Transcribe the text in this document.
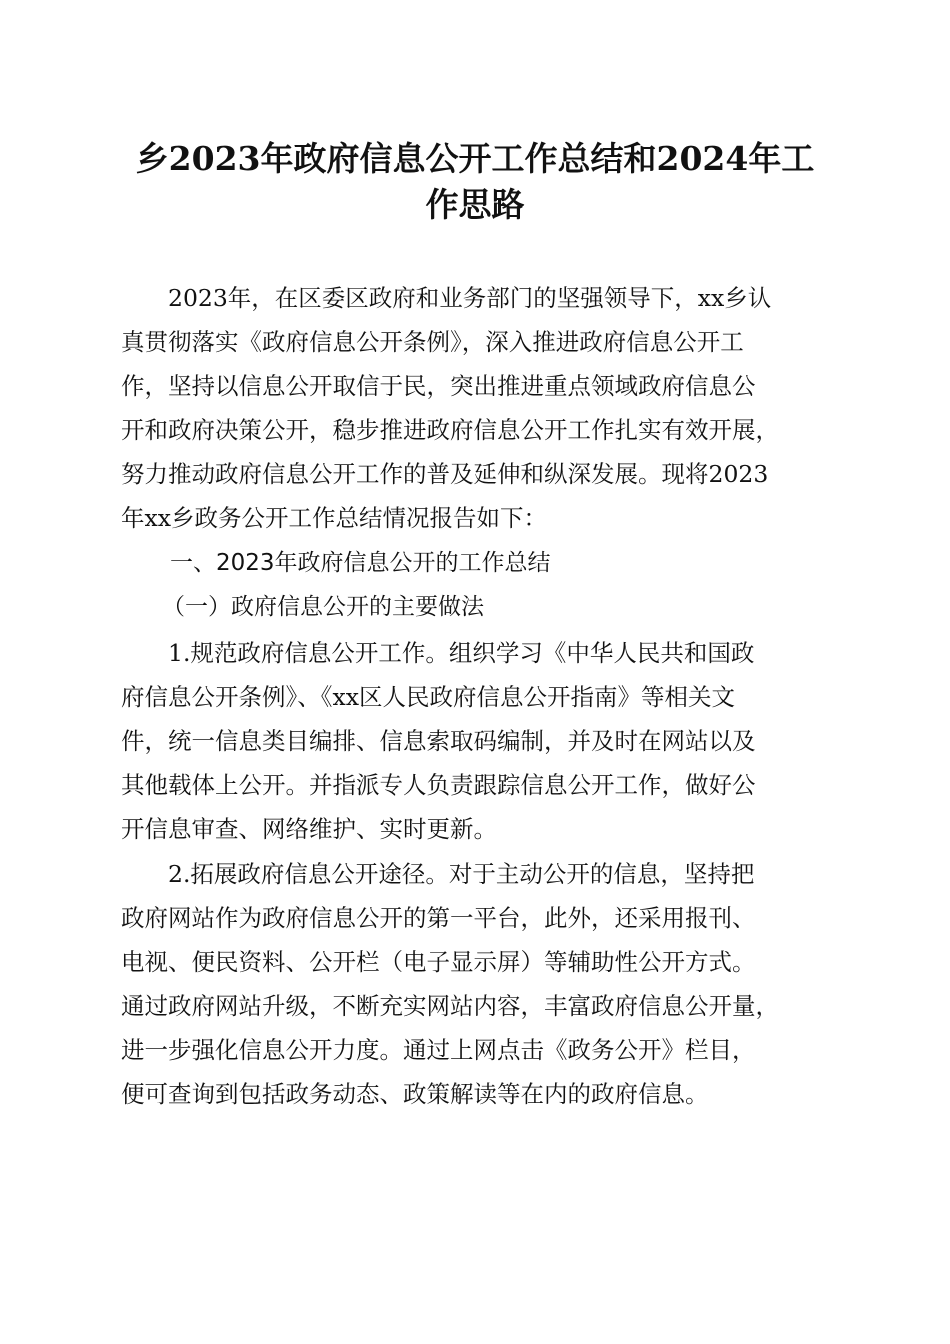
乡2023年政府信息公开工作总结和2024年工
作思路

2023年，在区委区政府和业务部门的坚强领导下，xx乡认

真贯彻落实《政府信息公开条例》，深入推进政府信息公开工

作，坚持以信息公开取信于民，突出推进重点领域政府信息公

开和政府决策公开，稳步推进政府信息公开工作扎实有效开展，

努力推动政府信息公开工作的普及延伸和纵深发展。现将2023

年xx乡政务公开工作总结情况报告如下：

一、2023年政府信息公开的工作总结

（一）政府信息公开的主要做法

1.规范政府信息公开工作。组织学习《中华人民共和国政

府信息公开条例》、《xx区人民政府信息公开指南》等相关文

件，统一信息类目编排、信息索取码编制，并及时在网站以及

其他载体上公开。并指派专人负责跟踪信息公开工作，做好公

开信息审查、网络维护、实时更新。

2.拓展政府信息公开途径。对于主动公开的信息，坚持把

政府网站作为政府信息公开的第一平台，此外，还采用报刊、

电视、便民资料、公开栏（电子显示屏）等辅助性公开方式。

通过政府网站升级，不断充实网站内容，丰富政府信息公开量，

进一步强化信息公开力度。通过上网点击《政务公开》栏目，

便可查询到包括政务动态、政策解读等在内的政府信息。
